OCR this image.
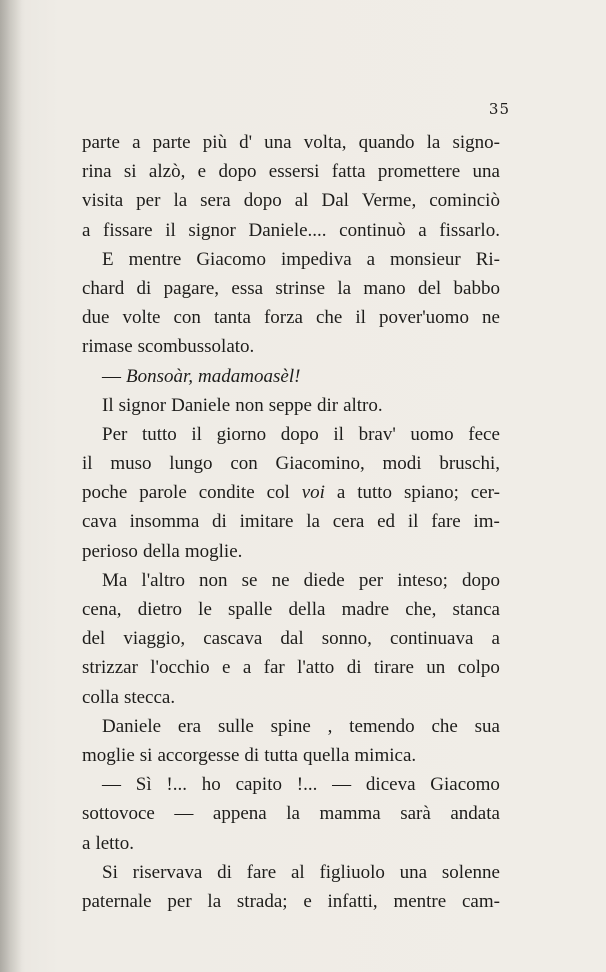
35
parte a parte più d' una volta, quando la signo-
rina si alzò, e dopo essersi fatta promettere una
visita per la sera dopo al Dal Verme, cominciò
a fissare il signor Daniele.... continuò a fissarlo.
E mentre Giacomo impediva a monsieur Ri-
chard di pagare, essa strinse la mano del babbo
due volte con tanta forza che il pover'uomo ne
rimase scombussolato.
— Bonsoàr, madamoasèl!
Il signor Daniele non seppe dir altro.
Per tutto il giorno dopo il brav' uomo fece
il muso lungo con Giacomino, modi bruschi,
poche parole condite col voi a tutto spiano; cer-
cava insomma di imitare la cera ed il fare im-
perioso della moglie.
Ma l'altro non se ne diede per inteso; dopo
cena, dietro le spalle della madre che, stanca
del viaggio, cascava dal sonno, continuava a
strizzar l'occhio e a far l'atto di tirare un colpo
colla stecca.
Daniele era sulle spine , temendo che sua
moglie si accorgesse di tutta quella mimica.
— Sì !... ho capito !... — diceva Giacomo
sottovoce — appena la mamma sarà andata
a letto.
Si riservava di fare al figliuolo una solenne
paternale per la strada; e infatti, mentre cam-
